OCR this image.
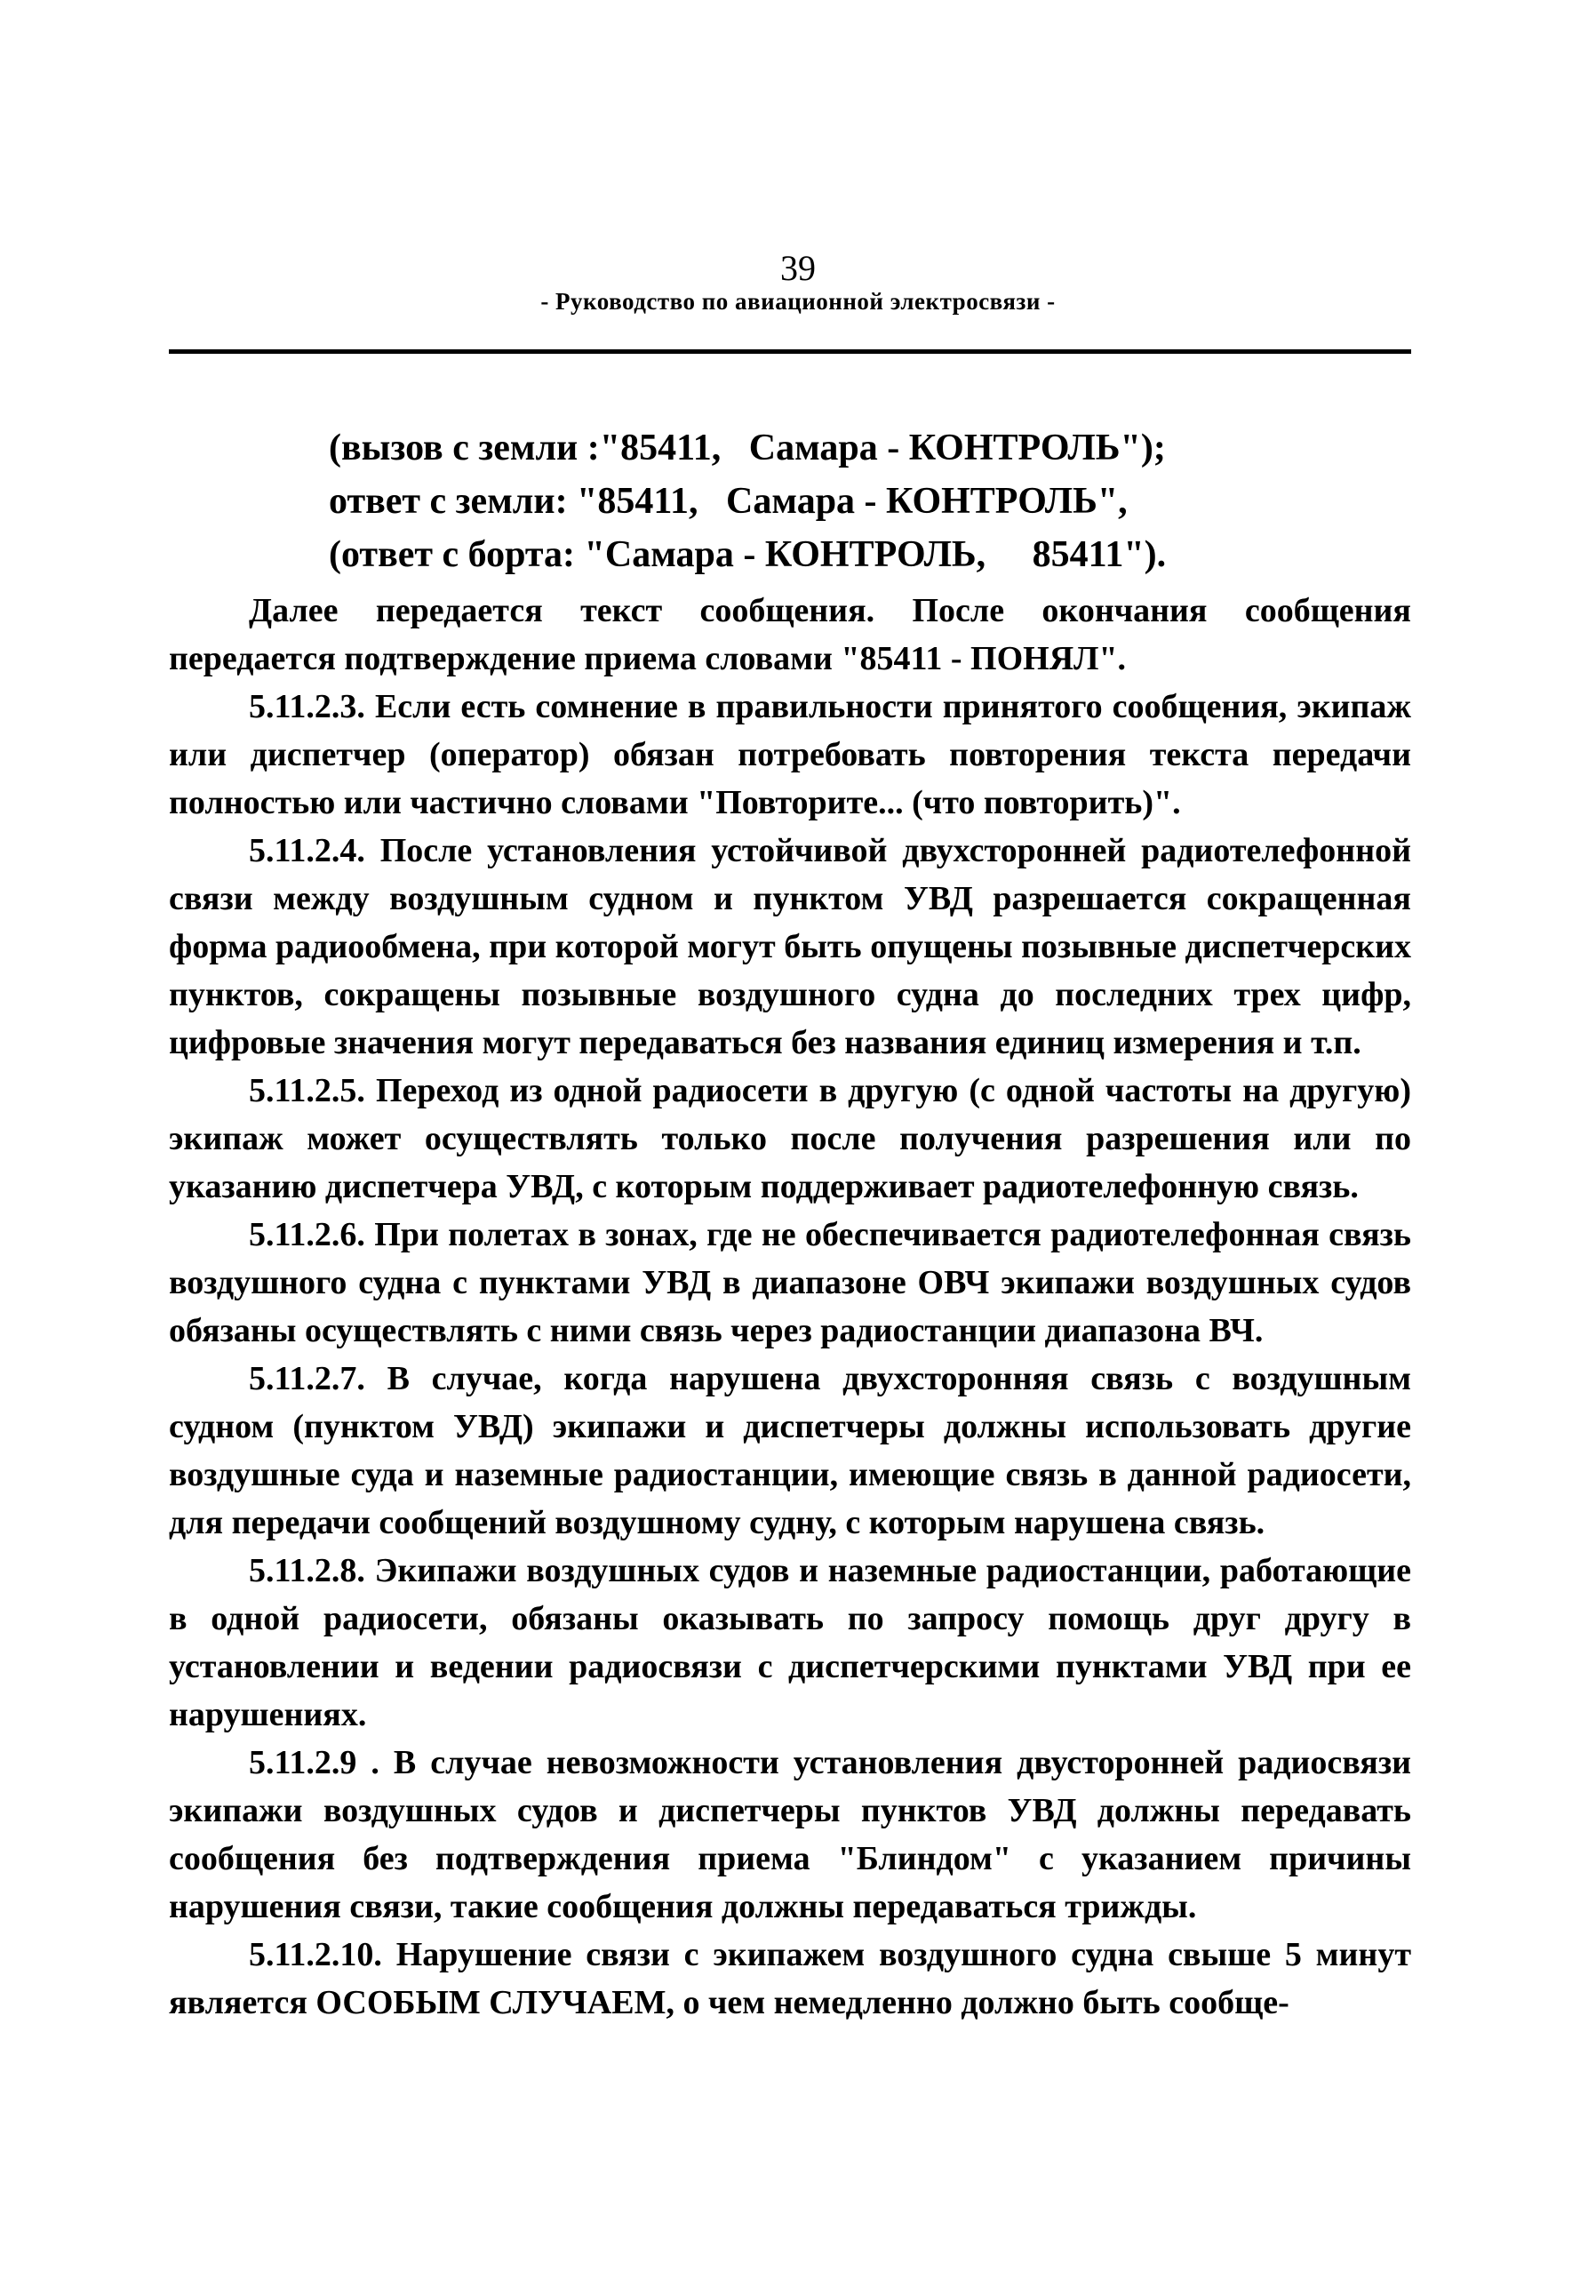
39
- Руководство по авиационной электросвязи -
(вызов с земли :"85411,   Самара - КОНТРОЛЬ");
ответ с земли: "85411,   Самара - КОНТРОЛЬ",
(ответ с борта: "Самара - КОНТРОЛЬ,     85411").

Далее передается текст сообщения. После окончания сообщения передается подтверждение приема словами "85411 - ПОНЯЛ".

5.11.2.3. Если есть сомнение в правильности принятого сообщения, экипаж или диспетчер (оператор) обязан потребовать повторения текста передачи полностью или частично словами "Повторите... (что повторить)".

5.11.2.4. После установления устойчивой двухсторонней радиотелефонной связи между воздушным судном и пунктом УВД разрешается сокращенная форма радиообмена, при которой могут быть опущены позывные диспетчерских пунктов, сокращены позывные воздушного судна до последних трех цифр, цифровые значения могут передаваться без названия единиц измерения и т.п.

5.11.2.5. Переход из одной радиосети в другую (с одной частоты на другую) экипаж может осуществлять только после получения разрешения или по указанию диспетчера УВД, с которым поддерживает радиотелефонную связь.

5.11.2.6. При полетах в зонах, где не обеспечивается радиотелефонная связь воздушного судна с пунктами УВД в диапазоне ОВЧ экипажи воздушных судов обязаны осуществлять с ними связь через радиостанции диапазона ВЧ.

5.11.2.7. В случае, когда нарушена двухсторонняя связь с воздушным судном (пунктом УВД) экипажи и диспетчеры должны использовать другие воздушные суда и наземные радиостанции, имеющие связь в данной радиосети, для передачи сообщений воздушному судну, с которым нарушена связь.

5.11.2.8. Экипажи воздушных судов и наземные радиостанции, работающие в одной радиосети, обязаны оказывать по запросу помощь друг другу в установлении и ведении радиосвязи с диспетчерскими пунктами УВД при ее нарушениях.

5.11.2.9 . В случае невозможности установления двусторонней радиосвязи экипажи воздушных судов и диспетчеры пунктов УВД должны передавать сообщения без подтверждения приема "Блиндом" с указанием причины нарушения связи, такие сообщения должны передаваться трижды.

5.11.2.10. Нарушение связи с экипажем воздушного судна свыше 5 минут является ОСОБЫМ СЛУЧАЕМ, о чем немедленно должно быть сообще-
